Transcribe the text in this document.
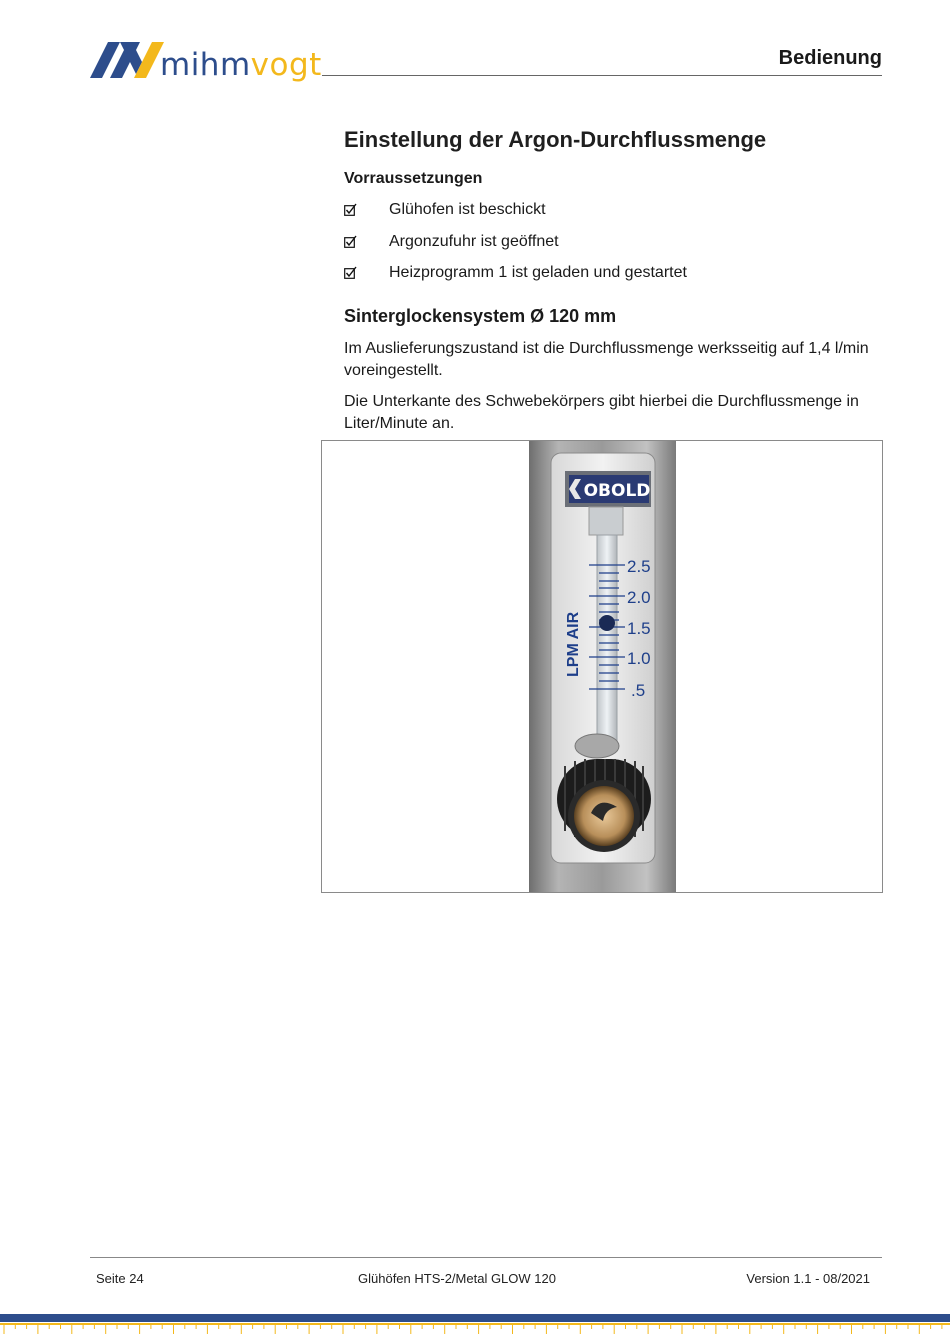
mihmvogt	Bedienung
Einstellung der Argon-Durchflussmenge
Vorraussetzungen
Glühofen ist beschickt
Argonzufuhr ist geöffnet
Heizprogramm 1 ist geladen und gestartet
Sinterglockensystem Ø 120 mm

Im Auslieferungszustand ist die Durchflussmenge werksseitig auf 1,4 l/min voreingestellt.

Die Unterkante des Schwebekörpers gibt hierbei die Durchflussmenge in Liter/Minute an.

OBOLD
2.5
2.0
1.5
1.0
.5
LPM AIR
Seite 24	Glühöfen HTS-2/Metal GLOW 120	Version 1.1 - 08/2021
